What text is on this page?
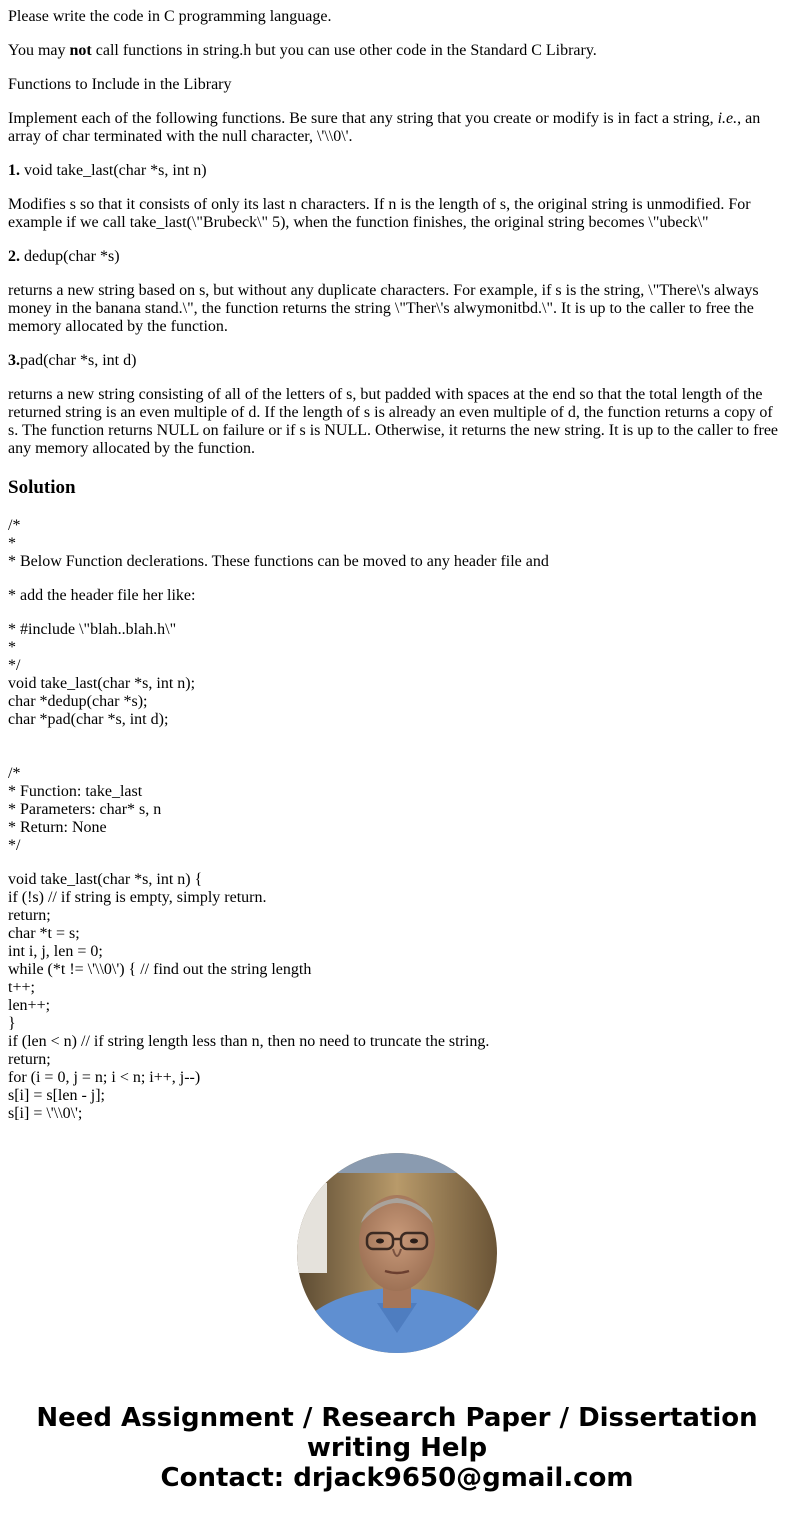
Please write the code in C programming language.

You may not call functions in string.h but you can use other code in the Standard C Library.

Functions to Include in the Library

Implement each of the following functions. Be sure that any string that you create or modify is in fact a string, i.e., an array of char terminated with the null character, \'\\0\'.

1. void take_last(char *s, int n)

Modifies s so that it consists of only its last n characters. If n is the length of s, the original string is unmodified. For example if we call take_last(\"Brubeck\" 5), when the function finishes, the original string becomes \"ubeck\"

2. dedup(char *s)

returns a new string based on s, but without any duplicate characters. For example, if s is the string, \"There\'s always money in the banana stand.\", the function returns the string \"Ther\'s alwymonitbd.\". It is up to the caller to free the memory allocated by the function.

3.pad(char *s, int d)

returns a new string consisting of all of the letters of s, but padded with spaces at the end so that the total length of the returned string is an even multiple of d. If the length of s is already an even multiple of d, the function returns a copy of s. The function returns NULL on failure or if s is NULL. Otherwise, it returns the new string. It is up to the caller to free any memory allocated by the function.

Solution
/*
*
* Below Function declerations. These functions can be moved to any header file and
* add the header file her like:
* #include \"blah..blah.h\"
*
*/
void take_last(char *s, int n);
char *dedup(char *s);
char *pad(char *s, int d);
/*
* Function: take_last
* Parameters: char* s, n
* Return: None
*/
void take_last(char *s, int n) {
if (!s) // if string is empty, simply return.
return;
char *t = s;
int i, j, len = 0;
while (*t != \'\\0\') { // find out the string length
t++;
len++;
}
if (len < n) // if string length less than n, then no need to truncate the string.
return;
for (i = 0, j = n; i < n; i++, j--)
s[i] = s[len - j];
s[i] = \'\\0\';
Need Assignment / Research Paper / Dissertation
writing Help
Contact: drjack9650@gmail.com
